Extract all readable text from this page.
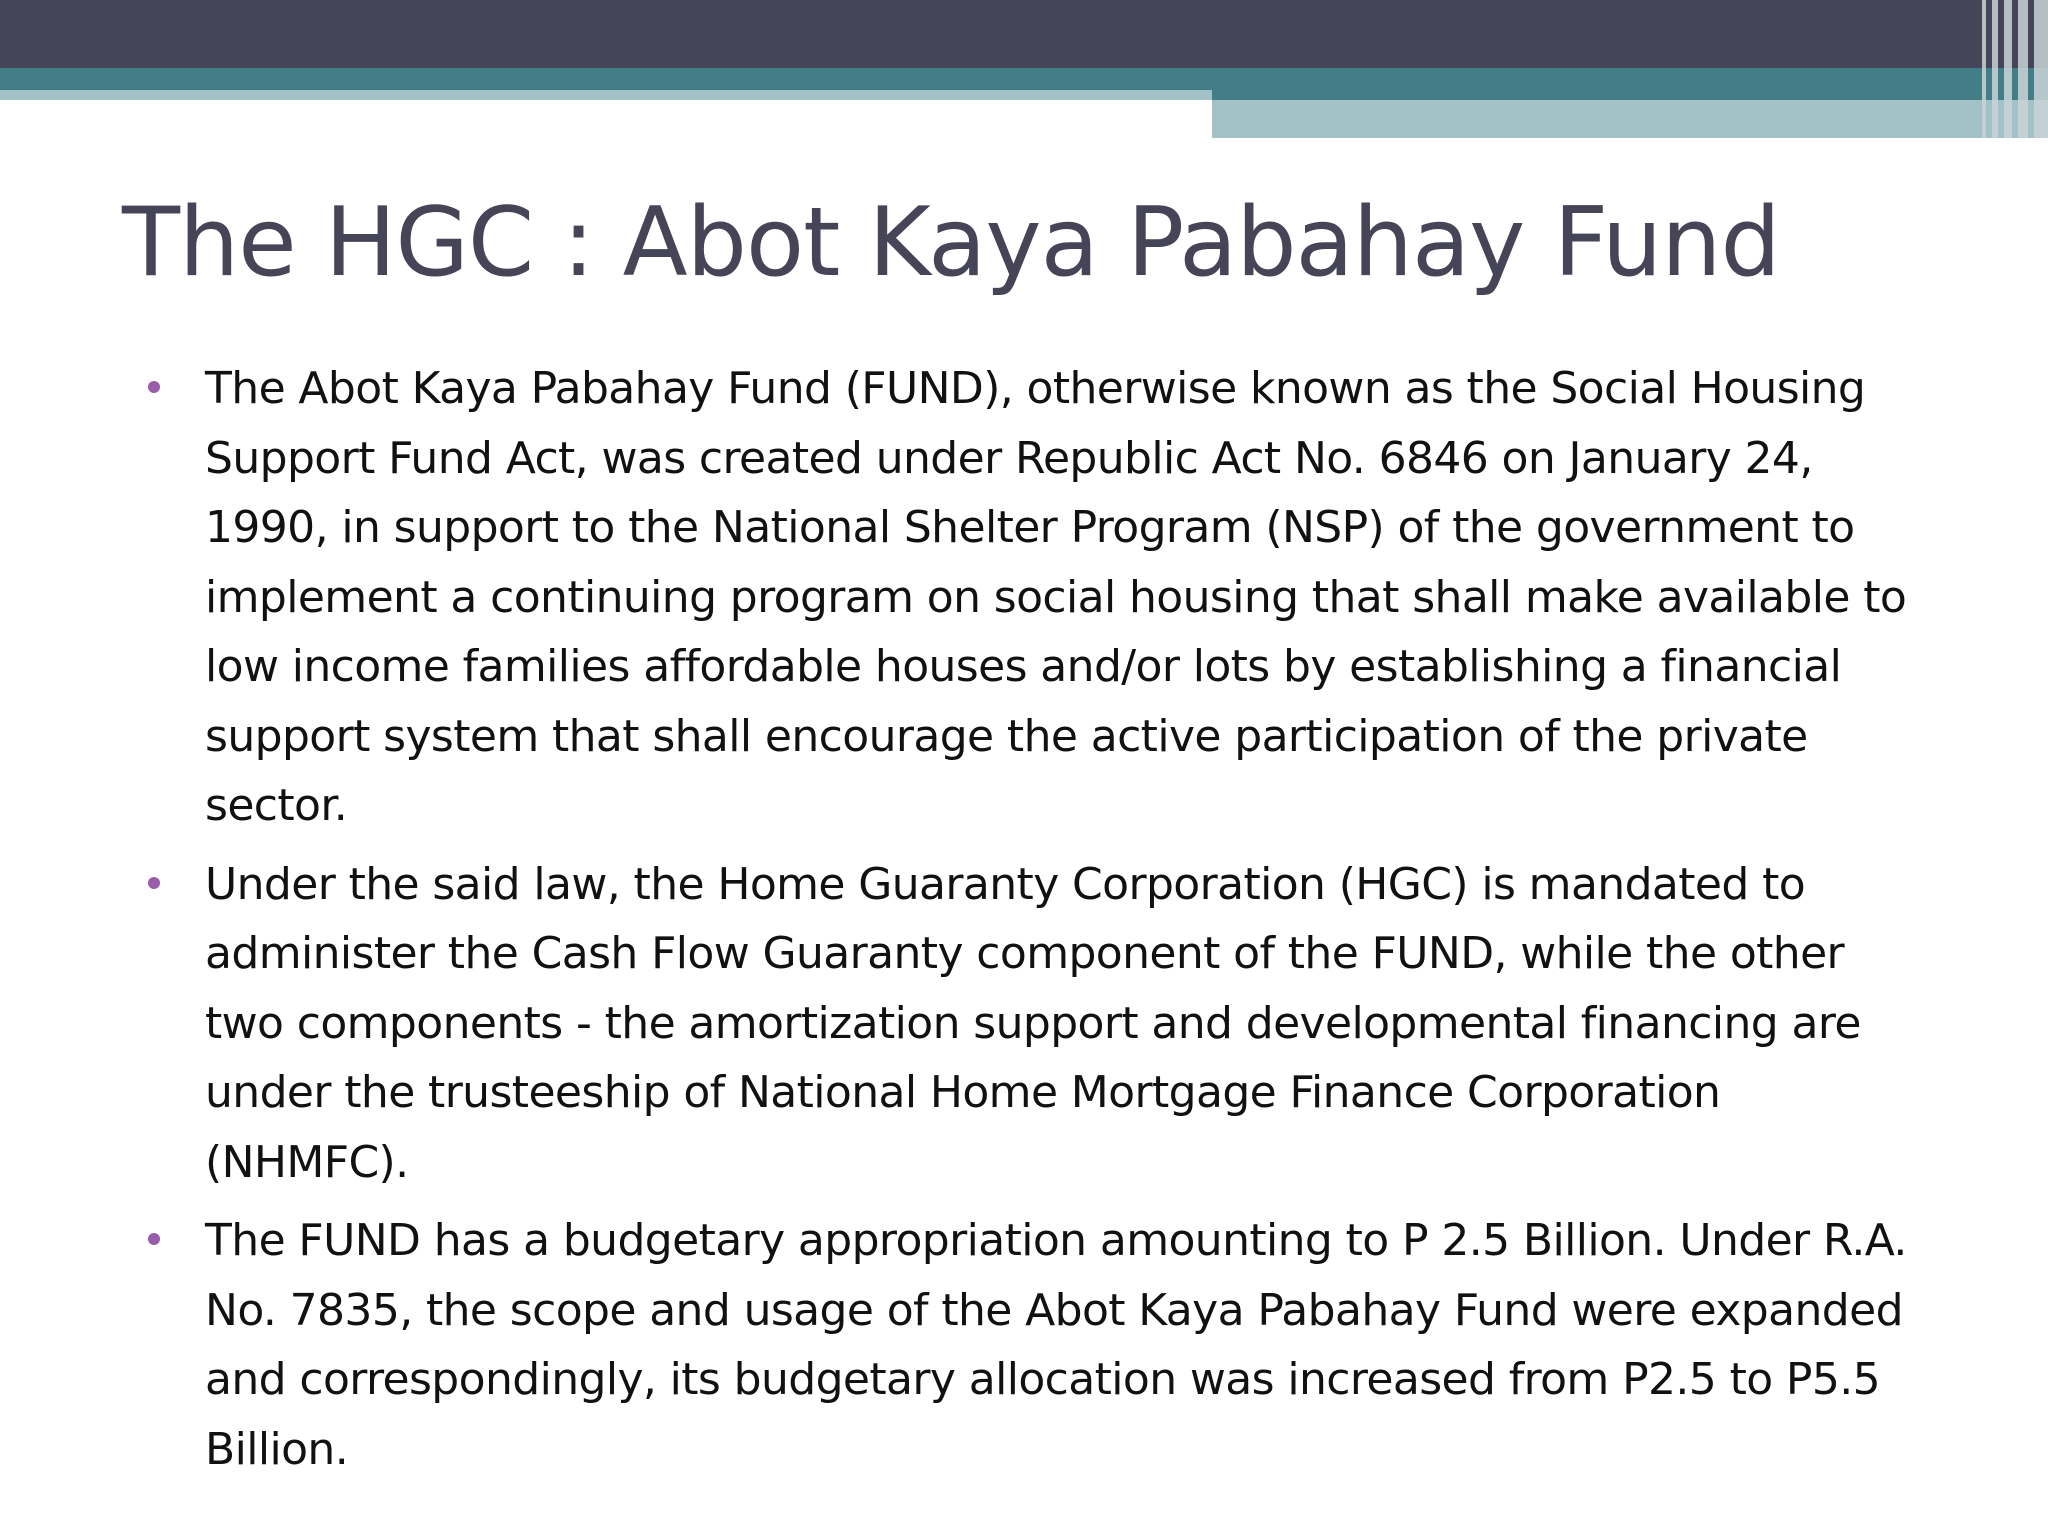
The HGC : Abot Kaya Pabahay Fund
The Abot Kaya Pabahay Fund (FUND), otherwise known as the Social Housing Support Fund Act, was created under Republic Act No. 6846 on January 24, 1990, in support to the National Shelter Program (NSP) of the government to implement a continuing program on social housing that shall make available to low income families affordable houses and/or lots by establishing a financial support system that shall encourage the active participation of the private sector.
Under the said law, the Home Guaranty Corporation (HGC) is mandated to administer the Cash Flow Guaranty component of the FUND, while the other two components - the amortization support and developmental financing are under the trusteeship of National Home Mortgage Finance Corporation (NHMFC).
The FUND has a budgetary appropriation amounting to P 2.5 Billion. Under R.A. No. 7835, the scope and usage of the Abot Kaya Pabahay Fund were expanded and correspondingly, its budgetary allocation was increased from P2.5 to P5.5 Billion.
